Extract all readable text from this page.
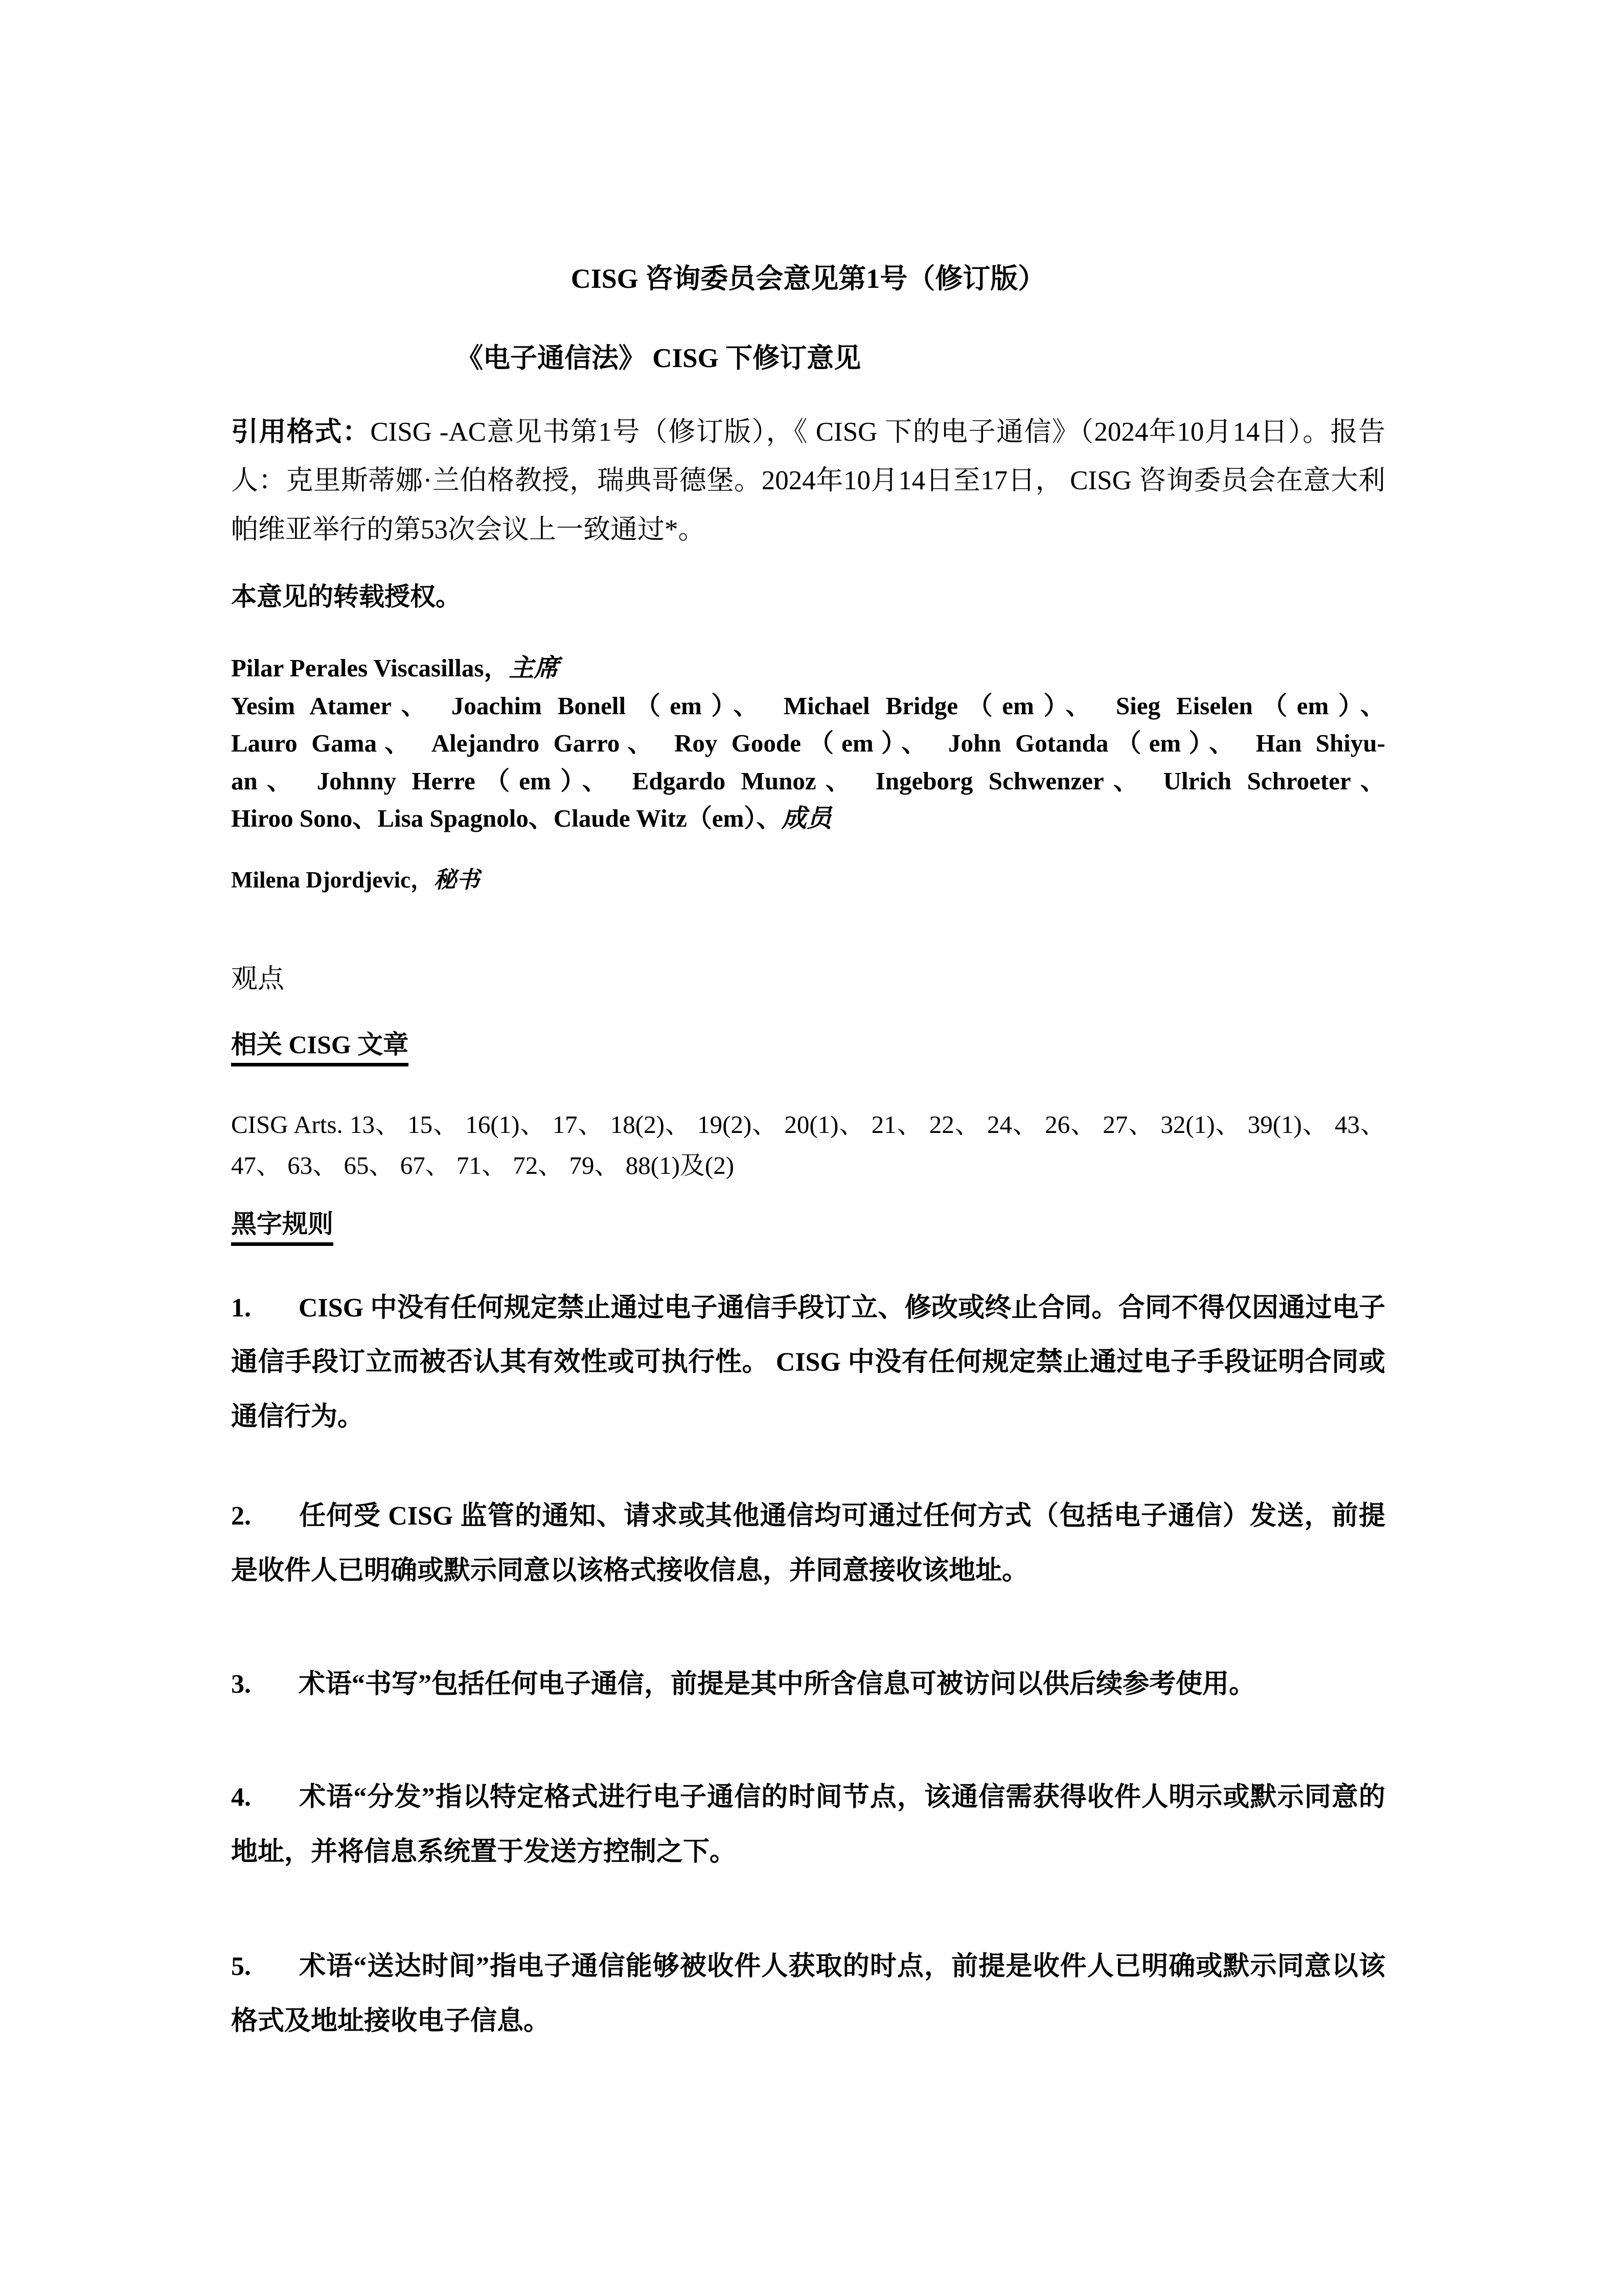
CISG 咨询委员会意见第1号（修订版）
《电子通信法》 CISG 下修订意见

引用格式：CISG -AC意见书第1号（修订版），《 CISG 下的电子通信》（2024年10月14日）。报告人：克里斯蒂娜·兰伯格教授，瑞典哥德堡。2024年10月14日至17日， CISG 咨询委员会在意大利帕维亚举行的第53次会议上一致通过*。

本意见的转载授权。

Pilar Perales Viscasillas，主席

Yesim Atamer、 Joachim Bonell（em）、 Michael Bridge（em）、 Sieg Eiselen（em）、
Lauro Gama、 Alejandro Garro、 Roy Goode（em）、 John Gotanda（em）、 Han Shiyu-
an、 Johnny Herre（em）、 Edgardo Munoz、 Ingeborg Schwenzer、 Ulrich Schroeter、
Hiroo Sono、Lisa Spagnolo、Claude Witz（em）、成员

Milena Djordjevic，秘书

观点
相关 CISG 文章

CISG Arts. 13、 15、 16(1)、 17、 18(2)、 19(2)、 20(1)、 21、 22、 24、 26、 27、 32(1)、 39(1)、 43、 47、 63、 65、 67、 71、 72、 79、 88(1)及(2)

黑字规则

1. CISG 中没有任何规定禁止通过电子通信手段订立、修改或终止合同。合同不得仅因通过电子通信手段订立而被否认其有效性或可执行性。 CISG 中没有任何规定禁止通过电子手段证明合同或通信行为。

2. 任何受 CISG 监管的通知、请求或其他通信均可通过任何方式（包括电子通信）发送，前提是收件人已明确或默示同意以该格式接收信息，并同意接收该地址。

3. 术语“书写”包括任何电子通信，前提是其中所含信息可被访问以供后续参考使用。

4. 术语“分发”指以特定格式进行电子通信的时间节点，该通信需获得收件人明示或默示同意的地址，并将信息系统置于发送方控制之下。

5. 术语“送达时间”指电子通信能够被收件人获取的时点，前提是收件人已明确或默示同意以该格式及地址接收电子信息。
